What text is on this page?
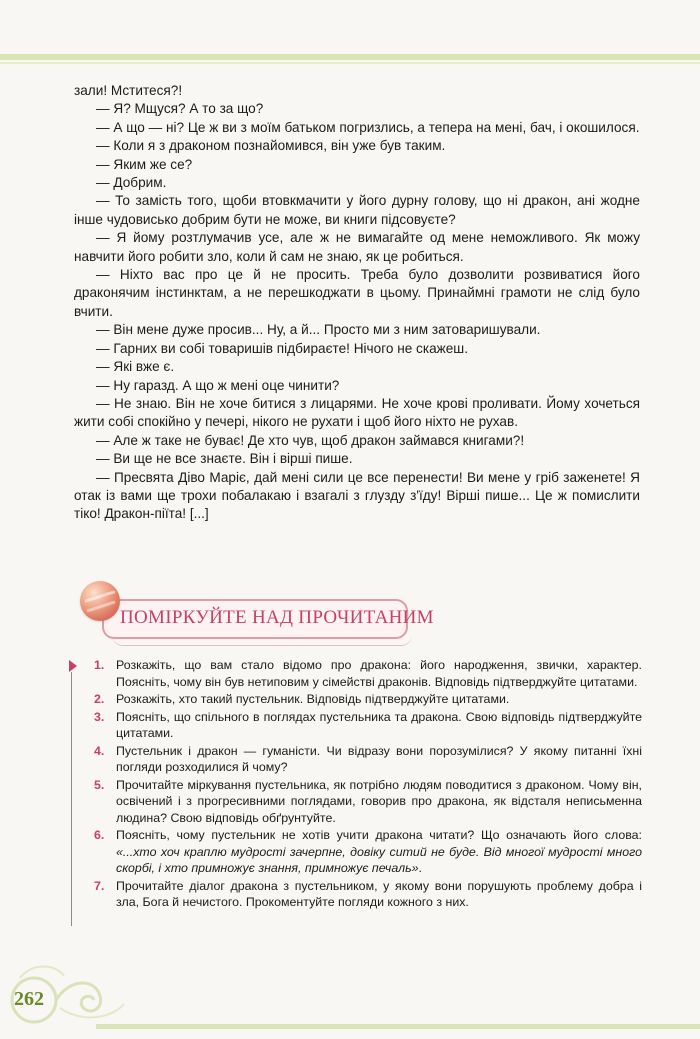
зали! Мститеся?!

— Я? Мщуся? А то за що?

— А що — ні? Це ж ви з моїм батьком погризлись, а тепера на мені, бач, і окошилося.

— Коли я з драконом познайомився, він уже був таким.

— Яким же се?

— Добрим.

— То замість того, щоби втовкмачити у його дурну голову, що ні дракон, ані жодне інше чудовисько добрим бути не може, ви книги підсовуєте?

— Я йому розтлумачив усе, але ж не вимагайте од мене неможливого. Як можу навчити його робити зло, коли й сам не знаю, як це робиться.

— Ніхто вас про це й не просить. Треба було дозволити розвиватися його драконячим інстинктам, а не перешкоджати в цьому. Принаймні грамоти не слід було вчити.

— Він мене дуже просив... Ну, а й... Просто ми з ним затоваришували.

— Гарних ви собі товаришів підбираєте! Нічого не скажеш.

— Які вже є.

— Ну гаразд. А що ж мені оце чинити?

— Не знаю. Він не хоче битися з лицарями. Не хоче крові проливати. Йому хочеться жити собі спокійно у печері, нікого не рухати і щоб його ніхто не рухав.

— Але ж таке не буває! Де хто чув, щоб дракон займався книгами?!

— Ви ще не все знаєте. Він і вірші пише.

— Пресвята Діво Маріє, дай мені сили це все перенести! Ви мене у гріб заженете! Я отак із вами ще трохи побалакаю і взагалі з глузду з'їду! Вірші пише... Це ж помислити тіко! Дракон-піїта! [...]

ПОМІРКУЙТЕ НАД ПРОЧИТАНИМ
1. Розкажіть, що вам стало відомо про дракона: його народження, звички, характер. Поясніть, чому він був нетиповим у сімействі драконів. Відповідь підтверджуйте цитатами.
2. Розкажіть, хто такий пустельник. Відповідь підтверджуйте цитатами.
3. Поясніть, що спільного в поглядах пустельника та дракона. Свою відповідь підтверджуйте цитатами.
4. Пустельник і дракон — гуманісти. Чи відразу вони порозумілися? У якому питанні їхні погляди розходилися й чому?
5. Прочитайте міркування пустельника, як потрібно людям поводитися з драконом. Чому він, освічений і з прогресивними поглядами, говорив про дракона, як відсталя неписьменна людина? Свою відповідь обґрунтуйте.
6. Поясніть, чому пустельник не хотів учити дракона читати? Що означають його слова: «...хто хоч краплю мудрості зачерпне, довіку ситий не буде. Від многої мудрості много скорбі, і хто примножує знання, примножує печаль».
7. Прочитайте діалог дракона з пустельником, у якому вони порушують проблему добра і зла, Бога й нечистого. Прокоментуйте погляди кожного з них.
262
